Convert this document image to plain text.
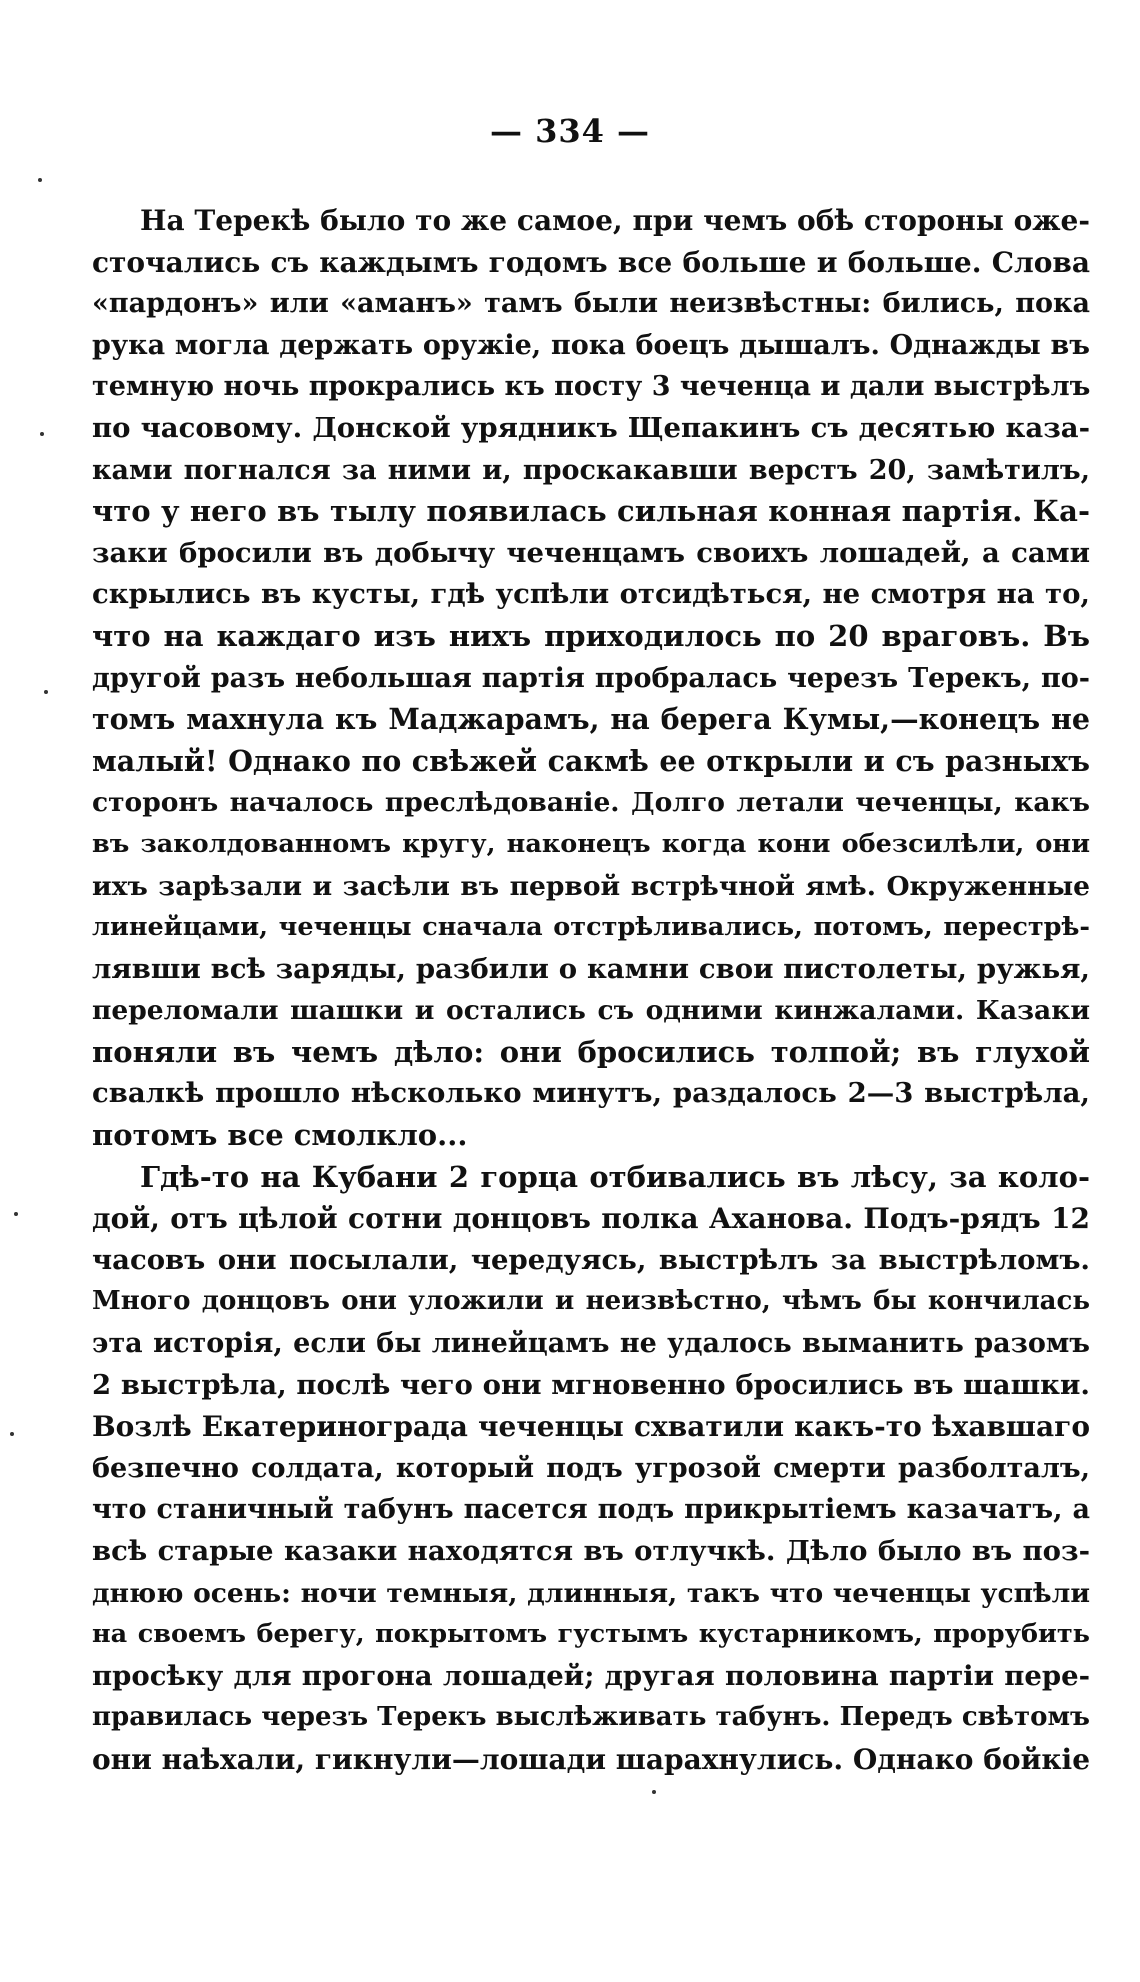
— 334 —
На Терекѣ было то же самое, при чемъ обѣ стороны оже-
сточались съ каждымъ годомъ все больше и больше. Слова
«пардонъ» или «аманъ» тамъ были неизвѣстны: бились, пока
рука могла держать оружіе, пока боецъ дышалъ. Однажды въ
темную ночь прокрались къ посту 3 чеченца и дали выстрѣлъ
по часовому. Донской урядникъ Щепакинъ съ десятью каза-
ками погнался за ними и, проскакавши верстъ 20, замѣтилъ,
что у него въ тылу появилась сильная конная партія. Ка-
заки бросили въ добычу чеченцамъ своихъ лошадей, а сами
скрылись въ кусты, гдѣ успѣли отсидѣться, не смотря на то,
что на каждаго изъ нихъ приходилось по 20 враговъ. Въ
другой разъ небольшая партія пробралась черезъ Терекъ, по-
томъ махнула къ Маджарамъ, на берега Кумы,—конецъ не
малый! Однако по свѣжей сакмѣ ее открыли и съ разныхъ
сторонъ началось преслѣдованіе. Долго летали чеченцы, какъ
въ заколдованномъ кругу, наконецъ когда кони обезсилѣли, они
ихъ зарѣзали и засѣли въ первой встрѣчной ямѣ. Окруженные
линейцами, чеченцы сначала отстрѣливались, потомъ, перестрѣ-
лявши всѣ заряды, разбили о камни свои пистолеты, ружья,
переломали шашки и остались съ одними кинжалами. Казаки
поняли въ чемъ дѣло: они бросились толпой; въ глухой
свалкѣ прошло нѣсколько минутъ, раздалось 2—3 выстрѣла,
потомъ все смолкло...
Гдѣ-то на Кубани 2 горца отбивались въ лѣсу, за коло-
дой, отъ цѣлой сотни донцовъ полка Аханова. Подъ-рядъ 12
часовъ они посылали, чередуясь, выстрѣлъ за выстрѣломъ.
Много донцовъ они уложили и неизвѣстно, чѣмъ бы кончилась
эта исторія, если бы линейцамъ не удалось выманить разомъ
2 выстрѣла, послѣ чего они мгновенно бросились въ шашки.
Возлѣ Екатеринограда чеченцы схватили какъ-то ѣхавшаго
безпечно солдата, который подъ угрозой смерти разболталъ,
что станичный табунъ пасется подъ прикрытіемъ казачатъ, а
всѣ старые казаки находятся въ отлучкѣ. Дѣло было въ поз-
днюю осень: ночи темныя, длинныя, такъ что чеченцы успѣли
на своемъ берегу, покрытомъ густымъ кустарникомъ, прорубить
просѣку для прогона лошадей; другая половина партіи пере-
правилась черезъ Терекъ выслѣживать табунъ. Передъ свѣтомъ
они наѣхали, гикнули—лошади шарахнулись. Однако бойкіе
